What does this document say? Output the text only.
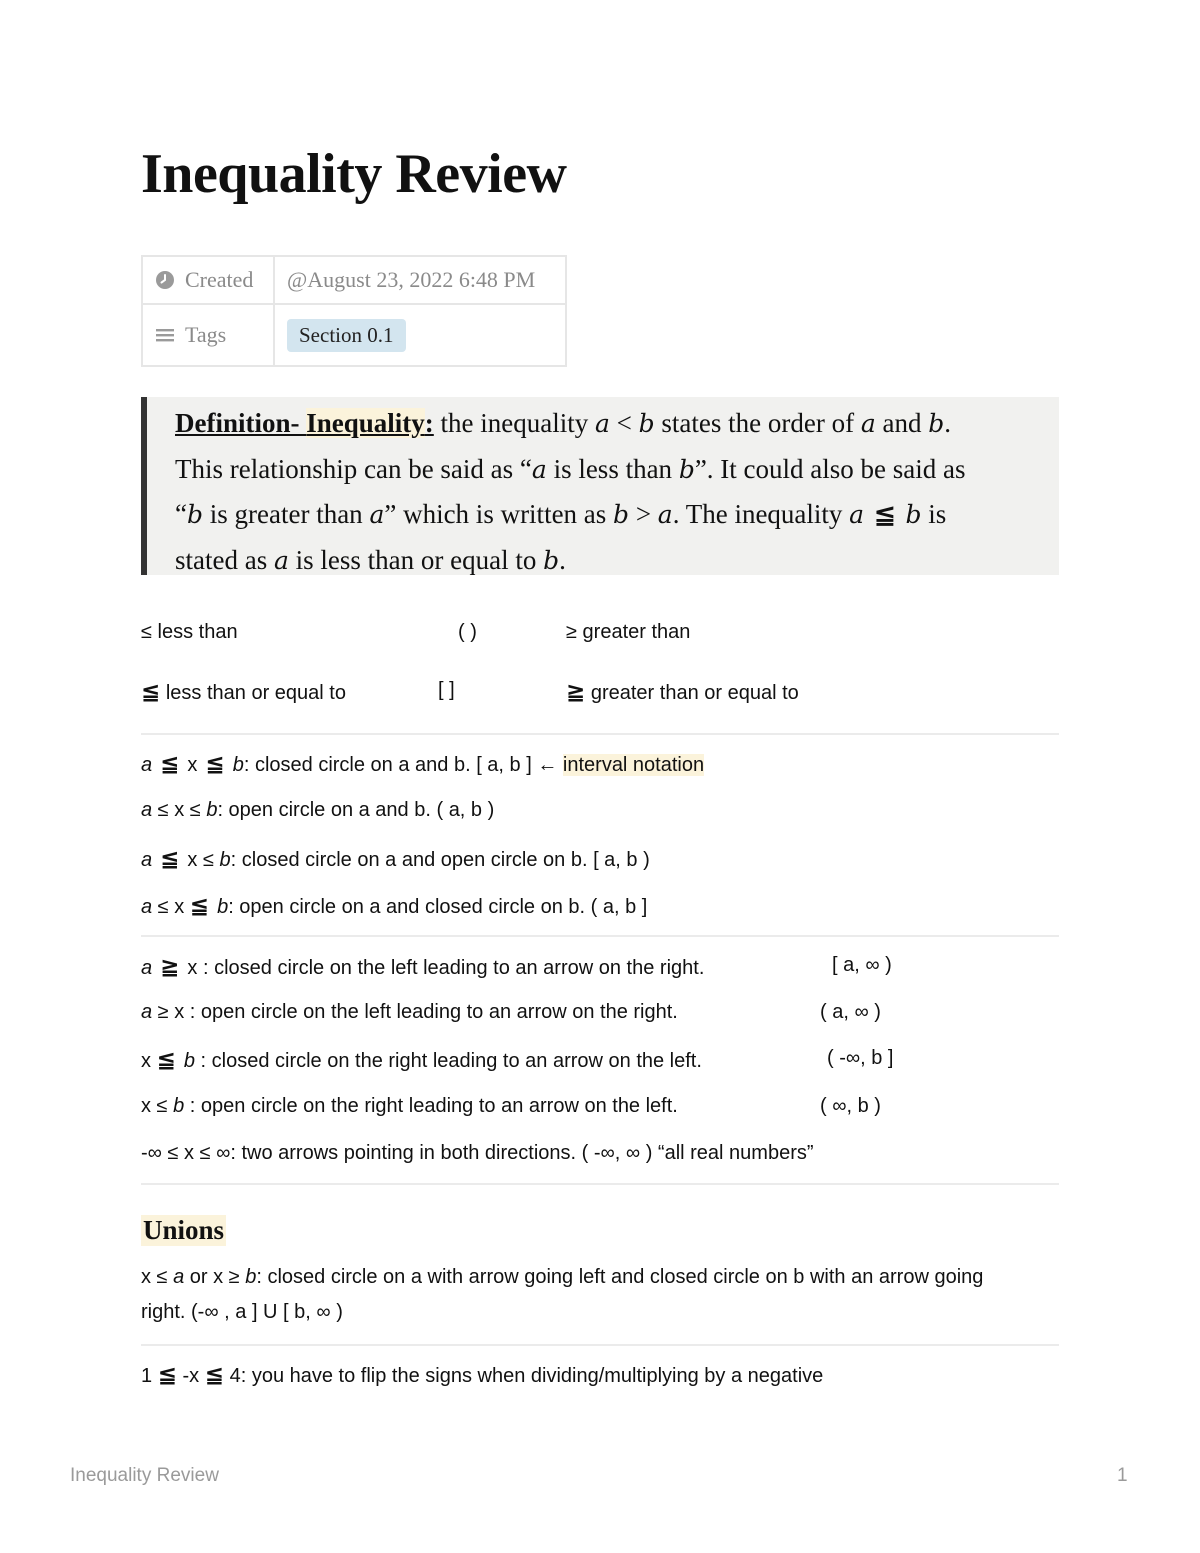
Inequality Review
Created	@August 23, 2022 6:48 PM

Tags	Section 0.1
Definition- Inequality: the inequality a < b states the order of a and b.
This relationship can be said as “a is less than b”. It could also be said as
“b is greater than a” which is written as b > a. The inequality a ≦ b is
stated as a is less than or equal to b.
≤ less than	( )	≥ greater than
≦ less than or equal to	[ ]	≧ greater than or equal to
a ≦ x ≦ b: closed circle on a and b. [ a, b ] ← interval notation
a ≤ x ≤ b: open circle on a and b. ( a, b )
a ≦ x ≤ b: closed circle on a and open circle on b. [ a, b )
a ≤ x ≦ b: open circle on a and closed circle on b. ( a, b ]
a ≧ x : closed circle on the left leading to an arrow on the right.	[ a, ∞ )
a ≥ x : open circle on the left leading to an arrow on the right.	( a, ∞ )
x ≦ b : closed circle on the right leading to an arrow on the left.	( -∞, b ]
x ≤ b : open circle on the right leading to an arrow on the left.	( ∞, b )
-∞ ≤ x ≤ ∞: two arrows pointing in both directions. ( -∞, ∞ ) “all real numbers”
Unions
x ≤ a or x ≥ b: closed circle on a with arrow going left and closed circle on b with an arrow going
right. (-∞ , a ] U [ b, ∞ )
1 ≦ -x ≦ 4: you have to flip the signs when dividing/multiplying by a negative
Inequality Review	1
